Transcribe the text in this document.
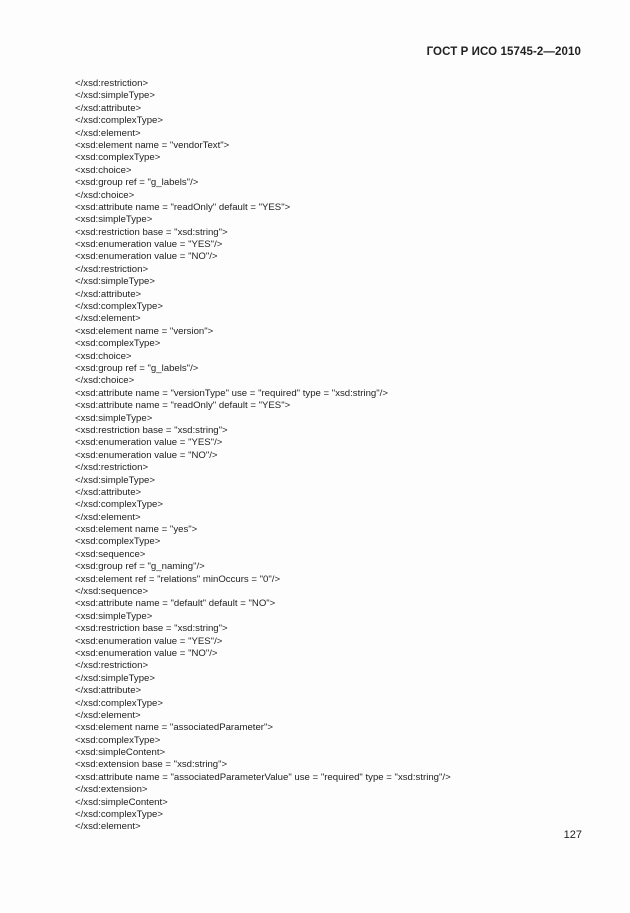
ГОСТ Р ИСО 15745-2—2010
</xsd:restriction>
</xsd:simpleType>
</xsd:attribute>
</xsd:complexType>
</xsd:element>
<xsd:element name = "vendorText">
<xsd:complexType>
<xsd:choice>
<xsd:group ref = "g_labels"/>
</xsd:choice>
<xsd:attribute name = "readOnly" default = "YES">
<xsd:simpleType>
<xsd:restriction base = "xsd:string">
<xsd:enumeration value = "YES"/>
<xsd:enumeration value = "NO"/>
</xsd:restriction>
</xsd:simpleType>
</xsd:attribute>
</xsd:complexType>
</xsd:element>
<xsd:element name = "version">
<xsd:complexType>
<xsd:choice>
<xsd:group ref = "g_labels"/>
</xsd:choice>
<xsd:attribute name = "versionType" use = "required" type = "xsd:string"/>
<xsd:attribute name = "readOnly" default = "YES">
<xsd:simpleType>
<xsd:restriction base = "xsd:string">
<xsd:enumeration value = "YES"/>
<xsd:enumeration value = "NO"/>
</xsd:restriction>
</xsd:simpleType>
</xsd:attribute>
</xsd:complexType>
</xsd:element>
<xsd:element name = "yes">
<xsd:complexType>
<xsd:sequence>
<xsd:group ref = "g_naming"/>
<xsd:element ref = "relations" minOccurs = "0"/>
</xsd:sequence>
<xsd:attribute name = "default" default = "NO">
<xsd:simpleType>
<xsd:restriction base = "xsd:string">
<xsd:enumeration value = "YES"/>
<xsd:enumeration value = "NO"/>
</xsd:restriction>
</xsd:simpleType>
</xsd:attribute>
</xsd:complexType>
</xsd:element>
<xsd:element name = "associatedParameter">
<xsd:complexType>
<xsd:simpleContent>
<xsd:extension base = "xsd:string">
<xsd:attribute name = "associatedParameterValue" use = "required" type = "xsd:string"/>
</xsd:extension>
</xsd:simpleContent>
</xsd:complexType>
</xsd:element>
127
